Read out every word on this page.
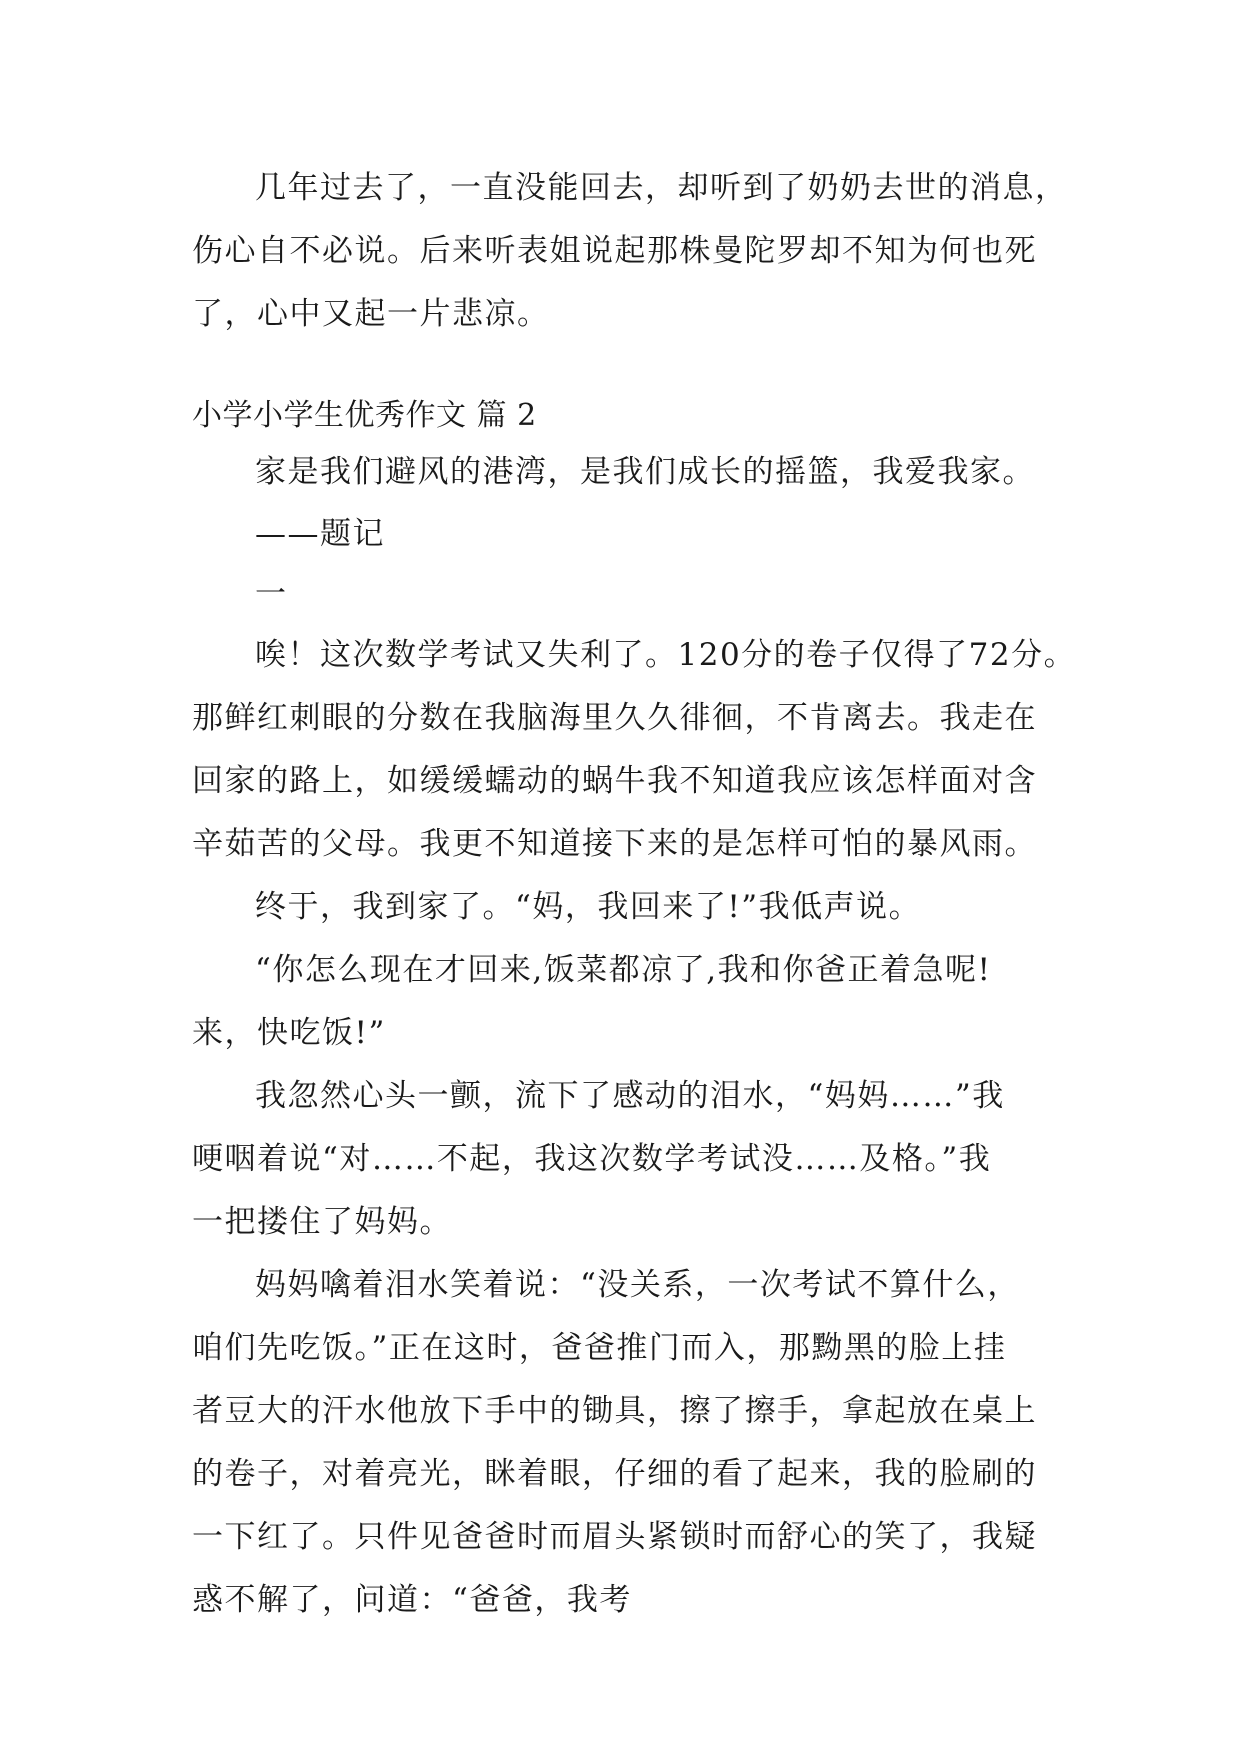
几年过去了，一直没能回去，却听到了奶奶去世的消息，
伤心自不必说。后来听表姐说起那株曼陀罗却不知为何也死
了，心中又起一片悲凉。
小学小学生优秀作文 篇 2
家是我们避风的港湾，是我们成长的摇篮，我爱我家。
——题记
一
唉！这次数学考试又失利了。120分的卷子仅得了72分。
那鲜红刺眼的分数在我脑海里久久徘徊，不肯离去。我走在
回家的路上，如缓缓蠕动的蜗牛我不知道我应该怎样面对含
辛茹苦的父母。我更不知道接下来的是怎样可怕的暴风雨。
终于，我到家了。“妈，我回来了!”我低声说。
“你怎么现在才回来,饭菜都凉了,我和你爸正着急呢!
来，快吃饭!”
我忽然心头一颤，流下了感动的泪水，“妈妈……”我
哽咽着说“对……不起，我这次数学考试没……及格。”我
一把搂住了妈妈。
妈妈噙着泪水笑着说：“没关系，一次考试不算什么，
咱们先吃饭。”正在这时，爸爸推门而入，那黝黑的脸上挂
者豆大的汗水他放下手中的锄具，擦了擦手，拿起放在桌上
的卷子，对着亮光，眯着眼，仔细的看了起来，我的脸刷的
一下红了。只件见爸爸时而眉头紧锁时而舒心的笑了，我疑
惑不解了，问道：“爸爸，我考
